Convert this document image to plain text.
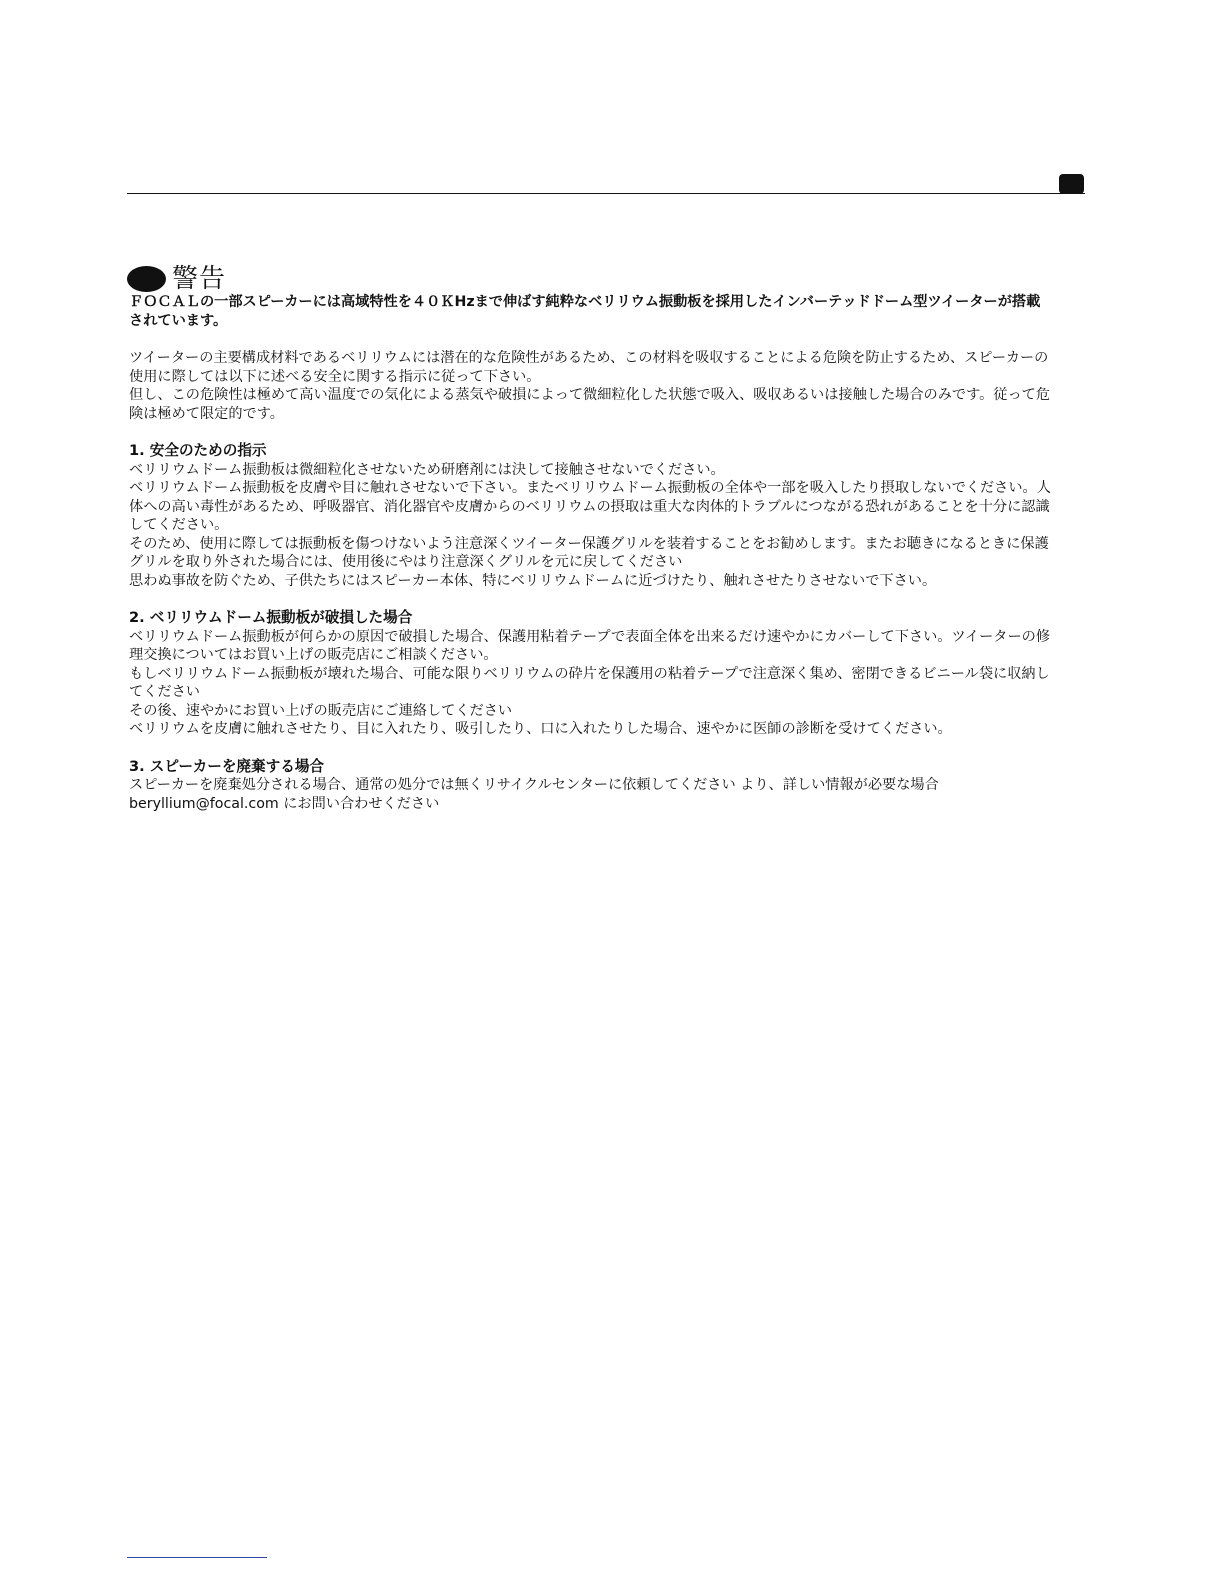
警告

ＦＯＣＡＬの一部スピーカーには高域特性を４０ＫHzまで伸ばす純粋なベリリウム振動板を採用したインバーテッドドーム型ツイーターが搭載されています。

ツイーターの主要構成材料であるベリリウムには潜在的な危険性があるため、この材料を吸収することによる危険を防止するため、スピーカーの使用に際しては以下に述べる安全に関する指示に従って下さい。

但し、この危険性は極めて高い温度での気化による蒸気や破損によって微細粒化した状態で吸入、吸収あるいは接触した場合のみです。従って危険は極めて限定的です。

1. 安全のための指示

ベリリウムドーム振動板は微細粒化させないため研磨剤には決して接触させないでください。

ベリリウムドーム振動板を皮膚や目に触れさせないで下さい。またベリリウムドーム振動板の全体や一部を吸入したり摂取しないでください。人体への高い毒性があるため、呼吸器官、消化器官や皮膚からのベリリウムの摂取は重大な肉体的トラブルにつながる恐れがあることを十分に認識してください。

そのため、使用に際しては振動板を傷つけないよう注意深くツイーター保護グリルを装着することをお勧めします。またお聴きになるときに保護グリルを取り外された場合には、使用後にやはり注意深くグリルを元に戻してください

思わぬ事故を防ぐため、子供たちにはスピーカー本体、特にベリリウムドームに近づけたり、触れさせたりさせないで下さい。

2. ベリリウムドーム振動板が破損した場合

ベリリウムドーム振動板が何らかの原因で破損した場合、保護用粘着テープで表面全体を出来るだけ速やかにカバーして下さい。ツイーターの修理交換についてはお買い上げの販売店にご相談ください。

もしベリリウムドーム振動板が壊れた場合、可能な限りベリリウムの砕片を保護用の粘着テープで注意深く集め、密閉できるビニール袋に収納してください

その後、速やかにお買い上げの販売店にご連絡してください

ベリリウムを皮膚に触れさせたり、目に入れたり、吸引したり、口に入れたりした場合、速やかに医師の診断を受けてください。

3. スピーカーを廃棄する場合

スピーカーを廃棄処分される場合、通常の処分では無くリサイクルセンターに依頼してください より、詳しい情報が必要な場合

beryllium@focal.com にお問い合わせください
